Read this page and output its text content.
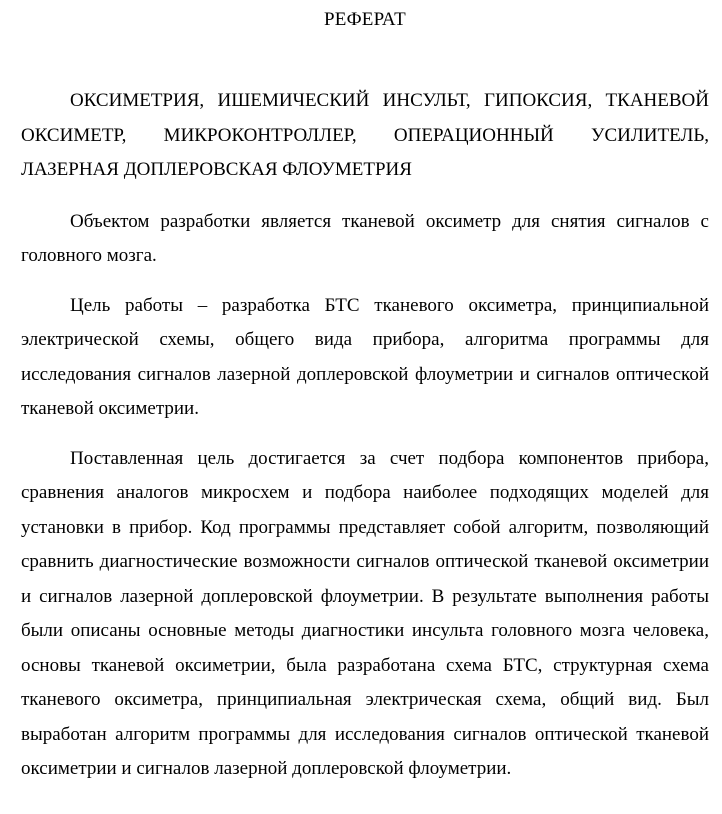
РЕФЕРАТ

ОКСИМЕТРИЯ, ИШЕМИЧЕСКИЙ ИНСУЛЬТ, ГИПОКСИЯ, ТКАНЕВОЙ ОКСИМЕТР, МИКРОКОНТРОЛЛЕР, ОПЕРАЦИОННЫЙ УСИЛИТЕЛЬ, ЛАЗЕРНАЯ ДОПЛЕРОВСКАЯ ФЛОУМЕТРИЯ

Объектом разработки является тканевой оксиметр для снятия сигналов с головного мозга.

Цель работы – разработка БТС тканевого оксиметра, принципиальной электрической схемы, общего вида прибора, алгоритма программы для исследования сигналов лазерной доплеровской флоуметрии и сигналов оптической тканевой оксиметрии.

Поставленная цель достигается за счет подбора компонентов прибора, сравнения аналогов микросхем и подбора наиболее подходящих моделей для установки в прибор. Код программы представляет собой алгоритм, позволяющий сравнить диагностические возможности сигналов оптической тканевой оксиметрии и сигналов лазерной доплеровской флоуметрии. В результате выполнения работы были описаны основные методы диагностики инсульта головного мозга человека, основы тканевой оксиметрии, была разработана схема БТС, структурная схема тканевого оксиметра, принципиальная электрическая схема, общий вид. Был выработан алгоритм программы для исследования сигналов оптической тканевой оксиметрии и сигналов лазерной доплеровской флоуметрии.
